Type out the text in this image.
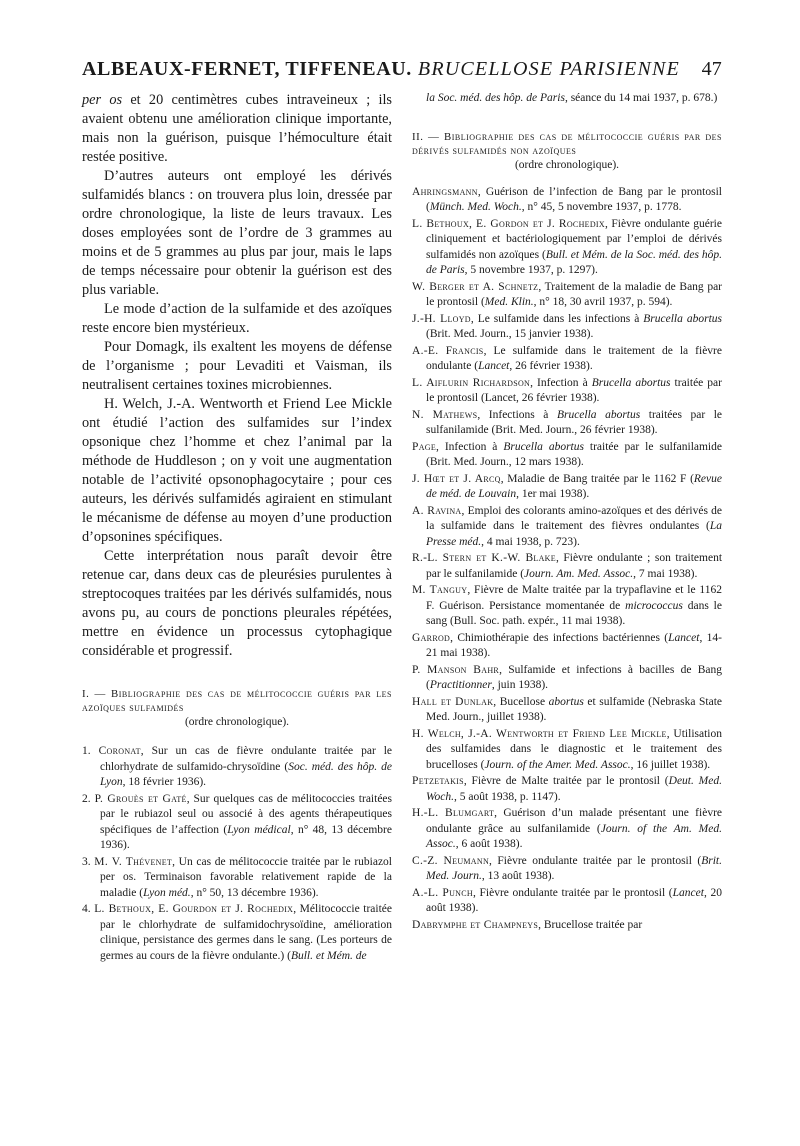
ALBEAUX-FERNET, TIFFENEAU. BRUCELLOSE PARISIENNE 47

per os et 20 centimètres cubes intraveineux ; ils avaient obtenu une amélioration clinique importante, mais non la guérison, puisque l’hémoculture était restée positive.

D’autres auteurs ont employé les dérivés sulfamidés blancs : on trouvera plus loin, dressée par ordre chronologique, la liste de leurs travaux. Les doses employées sont de l’ordre de 3 grammes au moins et de 5 grammes au plus par jour, mais le laps de temps nécessaire pour obtenir la guérison est des plus variable.

Le mode d’action de la sulfamide et des azoïques reste encore bien mystérieux.

Pour Domagk, ils exaltent les moyens de défense de l’organisme ; pour Levaditi et Vaisman, ils neutralisent certaines toxines microbiennes.

H. Welch, J.-A. Wentworth et Friend Lee Mickle ont étudié l’action des sulfamides sur l’index opsonique chez l’homme et chez l’animal par la méthode de Huddleson ; on y voit une augmentation notable de l’activité opsonophagocytaire ; pour ces auteurs, les dérivés sulfamidés agiraient en stimulant le mécanisme de défense au moyen d’une production d’opsonines spécifiques.

Cette interprétation nous paraît devoir être retenue car, dans deux cas de pleurésies purulentes à streptocoques traitées par les dérivés sulfamidés, nous avons pu, au cours de ponctions pleurales répétées, mettre en évidence un processus cytophagique considérable et progressif.

I. — Bibliographie des cas de mélitococcie guéris par les azoïques sulfamidés
(ordre chronologique).
1. Coronat, Sur un cas de fièvre ondulante traitée par le chlorhydrate de sulfamido-chrysoïdine (Soc. méd. des hôp. de Lyon, 18 février 1936).
2. P. Grouès et Gaté, Sur quelques cas de mélitococcies traitées par le rubiazol seul ou associé à des agents thérapeutiques spécifiques de l’affection (Lyon médical, n° 48, 13 décembre 1936).
3. M. V. Thévenet, Un cas de mélitococcie traitée par le rubiazol per os. Terminaison favorable relativement rapide de la maladie (Lyon méd., n° 50, 13 décembre 1936).
4. L. Bethoux, E. Gourdon et J. Rochedix, Mélitococcie traitée par le chlorhydrate de sulfamidochrysoïdine, amélioration clinique, persistance des germes dans le sang. (Les porteurs de germes au cours de la fièvre ondulante.) (Bull. et Mém. de
la Soc. méd. des hôp. de Paris, séance du 14 mai 1937, p. 678.)
II. — Bibliographie des cas de mélitococcie guéris par des dérivés sulfamidés non azoïques
(ordre chronologique).
Ahringsmann, Guérison de l’infection de Bang par le prontosil (Münch. Med. Woch., n° 45, 5 novembre 1937, p. 1778.
L. Bethoux, E. Gordon et J. Rochedix, Fièvre ondulante guérie cliniquement et bactériologiquement par l’emploi de dérivés sulfamidés non azoïques (Bull. et Mém. de la Soc. méd. des hôp. de Paris, 5 novembre 1937, p. 1297).
W. Berger et A. Schnetz, Traitement de la maladie de Bang par le prontosil (Med. Klin., n° 18, 30 avril 1937, p. 594).
J.-H. Lloyd, Le sulfamide dans les infections à Brucella abortus (Brit. Med. Journ., 15 janvier 1938).
A.-E. Francis, Le sulfamide dans le traitement de la fièvre ondulante (Lancet, 26 février 1938).
L. Aiflurin Richardson, Infection à Brucella abortus traitée par le prontosil (Lancet, 26 février 1938).
N. Mathews, Infections à Brucella abortus traitées par le sulfanilamide (Brit. Med. Journ., 26 février 1938).
Page, Infection à Brucella abortus traitée par le sulfanilamide (Brit. Med. Journ., 12 mars 1938).
J. Hœt et J. Arcq, Maladie de Bang traitée par le 1162 F (Revue de méd. de Louvain, 1er mai 1938).
A. Ravina, Emploi des colorants amino-azoïques et des dérivés de la sulfamide dans le traitement des fièvres ondulantes (La Presse méd., 4 mai 1938, p. 723).
R.-L. Stern et K.-W. Blake, Fièvre ondulante ; son traitement par le sulfanilamide (Journ. Am. Med. Assoc., 7 mai 1938).
M. Tanguy, Fièvre de Malte traitée par la trypaflavine et le 1162 F. Guérison. Persistance momentanée de micrococcus dans le sang (Bull. Soc. path. expér., 11 mai 1938).
Garrod, Chimiothérapie des infections bactériennes (Lancet, 14-21 mai 1938).
P. Manson Bahr, Sulfamide et infections à bacilles de Bang (Practitionner, juin 1938).
Hall et Dunlak, Bucellose abortus et sulfamide (Nebraska State Med. Journ., juillet 1938).
H. Welch, J.-A. Wentworth et Friend Lee Mickle, Utilisation des sulfamides dans le diagnostic et le traitement des brucelloses (Journ. of the Amer. Med. Assoc., 16 juillet 1938).
Petzetakis, Fièvre de Malte traitée par le prontosil (Deut. Med. Woch., 5 août 1938, p. 1147).
H.-L. Blumgart, Guérison d’un malade présentant une fièvre ondulante grâce au sulfanilamide (Journ. of the Am. Med. Assoc., 6 août 1938).
C.-Z. Neumann, Fièvre ondulante traitée par le prontosil (Brit. Med. Journ., 13 août 1938).
A.-L. Punch, Fièvre ondulante traitée par le prontosil (Lancet, 20 août 1938).
Dabrymphe et Champneys, Brucellose traitée par
